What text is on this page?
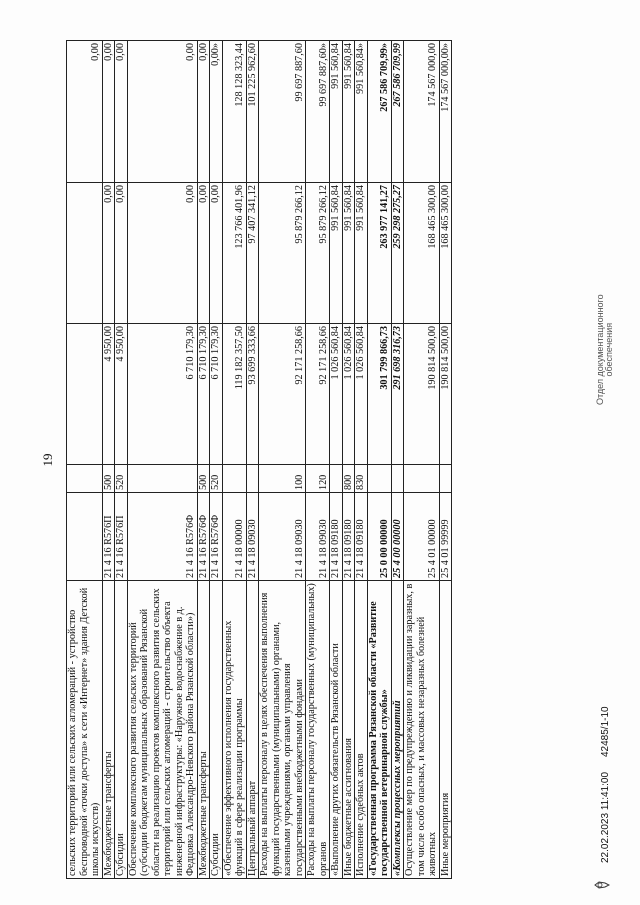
19
сельских территорий или сельских агломераций - устройство беспроводной «точки доступа» к сети «Интернет» здания Детской школы искусств)					0,00
Межбюджетные трансферты	21 4 16 R576П	500	4 950,00	0,00	0,00
Субсидии	21 4 16 R576П	520	4 950,00	0,00	0,00
Обеспечение комплексного развития сельских территорий (субсидии бюджетам муниципальных образований Рязанской области на реализацию проектов комплексного развития сельских территорий или сельских агломераций - строительство объекта инженерной инфраструктуры: «Наружное водоснабжение в д. Федцовка Александро-Невского района Рязанской области»)	21 4 16 R576Ф		6 710 179,30	0,00	0,00
Межбюджетные трансферты	21 4 16 R576Ф	500	6 710 179,30	0,00	0,00
Субсидии	21 4 16 R576Ф	520	6 710 179,30	0,00	0,00»
«Обеспечение эффективного исполнения государственных функций в сфере реализации программы	21 4 18 00000		119 182 357,50	123 766 401,96	128 128 323,44
Центральный аппарат	21 4 18 09030		93 699 333,66	97 407 341,12	101 225 962,60
Расходы на выплаты персоналу в целях обеспечения выполнения функций государственными (муниципальными) органами, казенными учреждениями, органами управления государственными внебюджетными фондами	21 4 18 09030	100	92 171 258,66	95 879 266,12	99 697 887,60
Расходы на выплаты персоналу государственных (муниципальных) органов	21 4 18 09030	120	92 171 258,66	95 879 266,12	99 697 887,60»
«Выполнение других обязательств Рязанской области	21 4 18 09180		1 026 560,84	991 560,84	991 560,84
Иные бюджетные ассигнования	21 4 18 09180	800	1 026 560,84	991 560,84	991 560,84
Исполнение судебных актов	21 4 18 09180	830	1 026 560,84	991 560,84	991 560,84»
«Государственная программа Рязанской области «Развитие государственной ветеринарной службы»	25 0 00 00000		301 799 866,73	263 977 141,27	267 586 709,99»
«Комплексы процессных мероприятий	25 4 00 00000		291 698 316,73	259 298 275,27	267 586 709,99
Осуществление мер по предупреждению и ликвидации заразных, в том числе особо опасных, и массовых незаразных болезней животных	25 4 01 00000		190 814 500,00	168 465 300,00	174 567 000,00
Иные мероприятия	25 4 01 99999		190 814 500,00	168 465 300,00	174 567 000,00»
22.02.2023 11:41:00
42485/1-10
Отдел документационного обеспечения
